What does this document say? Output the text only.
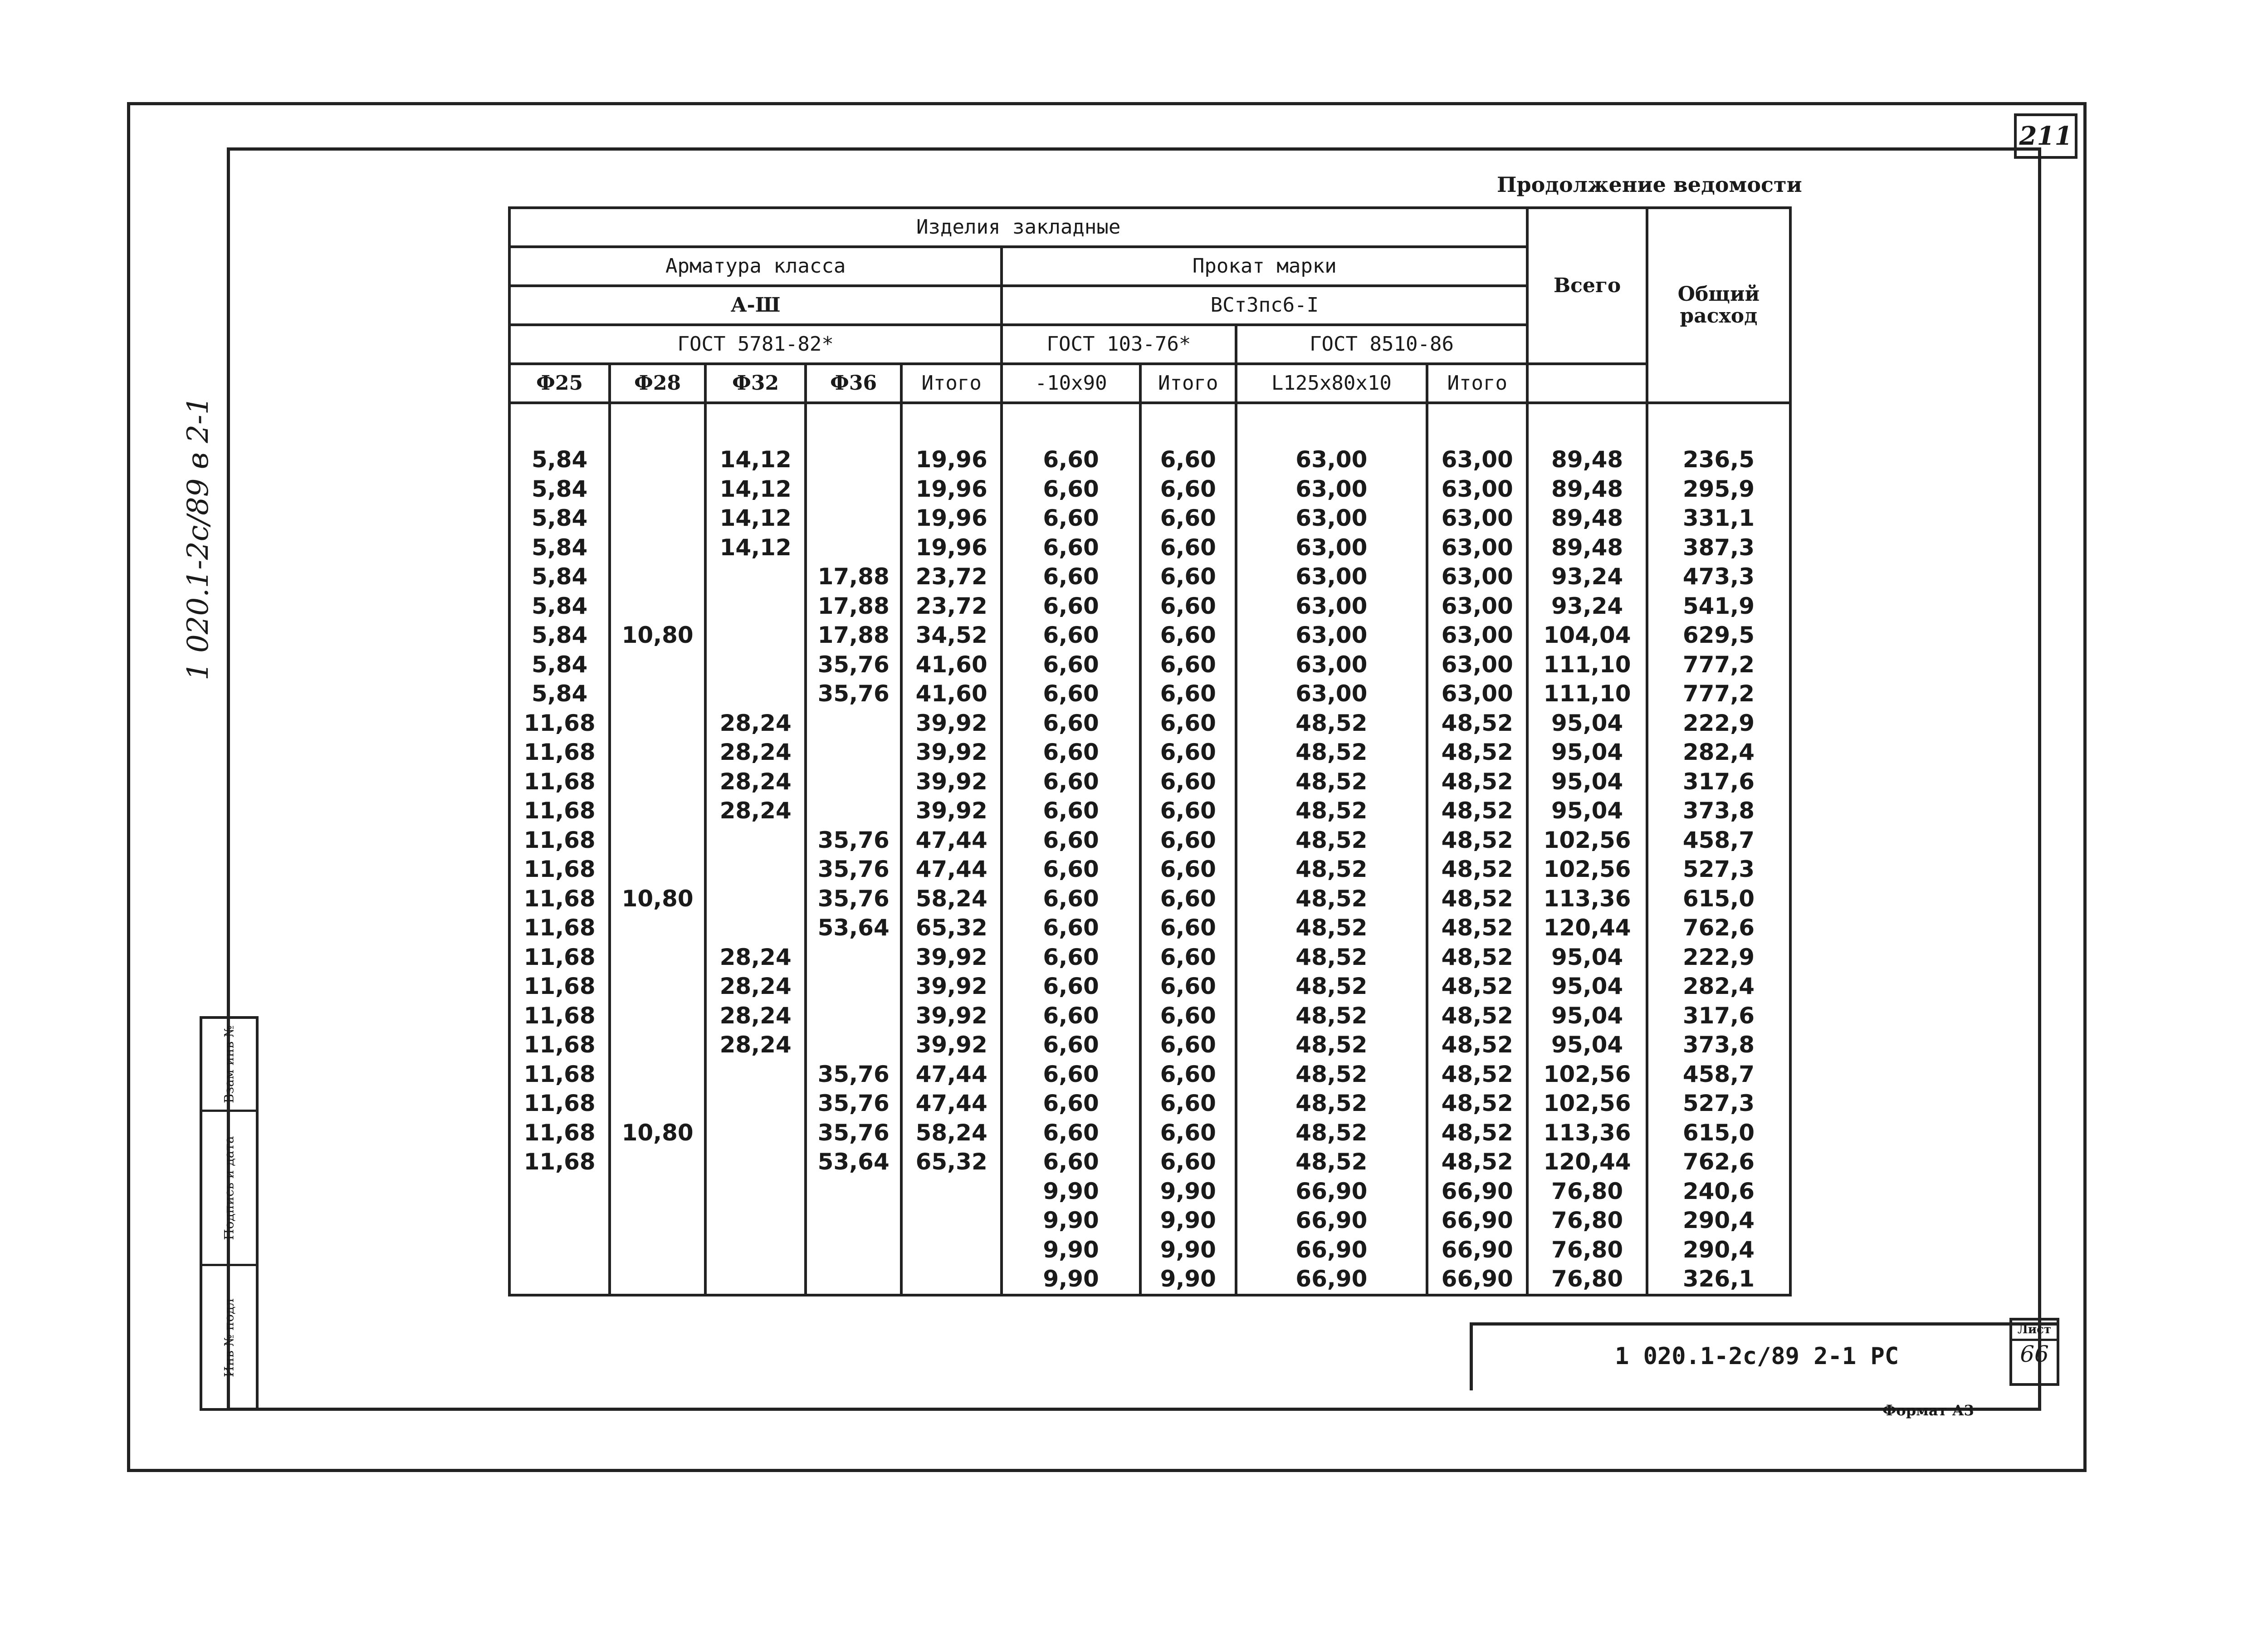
211
Продолжение ведомости
1 020.1-2с/89 в 2-1
Взам инв №
Подпись и дата
Инв № подл
Изделия закладные									Всего	Общий расход
Арматура класса					Прокат марки					
А-Ш					ВСт3пс6-I					
ГОСТ 5781-82*					ГОСТ 103-76*		ГОСТ 8510-86			
Ф25	Ф28	Ф32	Ф36	Итого	-10х90	Итого	L125х80х10	Итого		

5,84		14,12		19,96	6,60	6,60	63,00	63,00	89,48	236,5
5,84		14,12		19,96	6,60	6,60	63,00	63,00	89,48	295,9
5,84		14,12		19,96	6,60	6,60	63,00	63,00	89,48	331,1
5,84		14,12		19,96	6,60	6,60	63,00	63,00	89,48	387,3
5,84			17,88	23,72	6,60	6,60	63,00	63,00	93,24	473,3
5,84			17,88	23,72	6,60	6,60	63,00	63,00	93,24	541,9
5,84	10,80		17,88	34,52	6,60	6,60	63,00	63,00	104,04	629,5
5,84			35,76	41,60	6,60	6,60	63,00	63,00	111,10	777,2
5,84			35,76	41,60	6,60	6,60	63,00	63,00	111,10	777,2
11,68		28,24		39,92	6,60	6,60	48,52	48,52	95,04	222,9
11,68		28,24		39,92	6,60	6,60	48,52	48,52	95,04	282,4
11,68		28,24		39,92	6,60	6,60	48,52	48,52	95,04	317,6
11,68		28,24		39,92	6,60	6,60	48,52	48,52	95,04	373,8
11,68			35,76	47,44	6,60	6,60	48,52	48,52	102,56	458,7
11,68			35,76	47,44	6,60	6,60	48,52	48,52	102,56	527,3
11,68	10,80		35,76	58,24	6,60	6,60	48,52	48,52	113,36	615,0
11,68			53,64	65,32	6,60	6,60	48,52	48,52	120,44	762,6
11,68		28,24		39,92	6,60	6,60	48,52	48,52	95,04	222,9
11,68		28,24		39,92	6,60	6,60	48,52	48,52	95,04	282,4
11,68		28,24		39,92	6,60	6,60	48,52	48,52	95,04	317,6
11,68		28,24		39,92	6,60	6,60	48,52	48,52	95,04	373,8
11,68			35,76	47,44	6,60	6,60	48,52	48,52	102,56	458,7
11,68			35,76	47,44	6,60	6,60	48,52	48,52	102,56	527,3
11,68	10,80		35,76	58,24	6,60	6,60	48,52	48,52	113,36	615,0
11,68			53,64	65,32	6,60	6,60	48,52	48,52	120,44	762,6
					9,90	9,90	66,90	66,90	76,80	240,6
					9,90	9,90	66,90	66,90	76,80	290,4
					9,90	9,90	66,90	66,90	76,80	290,4
					9,90	9,90	66,90	66,90	76,80	326,1
1 020.1-2с/89 2-1 РС
Лист
66
Формат А3
